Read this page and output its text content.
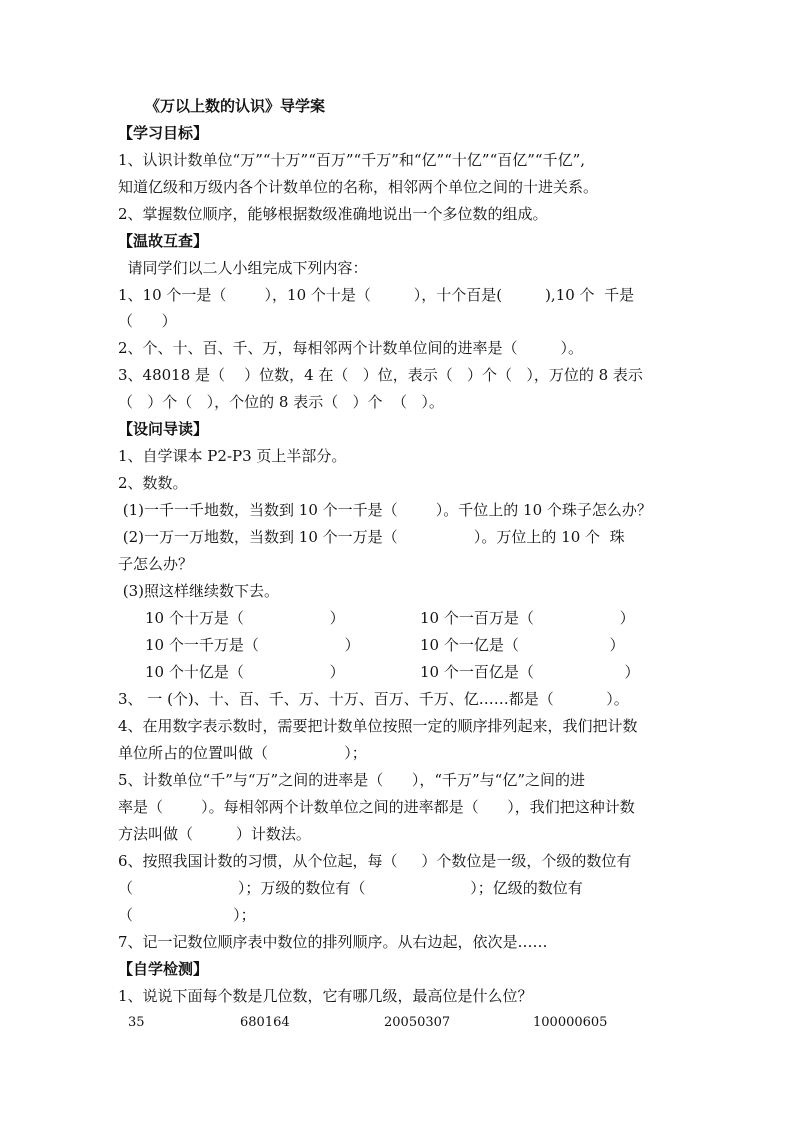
《万以上数的认识》导学案
【学习目标】
1、认识计数单位“万”“十万”“百万”“千万”和“亿”“十亿”“百亿”“千亿”,
知道亿级和万级内各个计数单位的名称，相邻两个单位之间的十进关系。
2、掌握数位顺序，能够根据数级准确地说出一个多位数的组成。
【温故互查】
请同学们以二人小组完成下列内容：
1、10 个一是（        ），10 个十是（         ），十个百是(         ),10 个  千是
（      ）
2、个、十、百、千、万，每相邻两个计数单位间的进率是（         ）。
3、48018 是（    ）位数，4 在（   ）位，表示（   ）个（   ），万位的 8 表示
（   ）个（   ），个位的 8 表示（   ）个  （   ）。
【设问导读】
1、自学课本 P2-P3 页上半部分。
2、数数。
(1)一千一千地数，当数到 10 个一千是（        ）。千位上的 10 个珠子怎么办？
(2)一万一万地数，当数到 10 个一万是（                ）。万位上的 10 个  珠
子怎么办？
(3)照这样继续数下去。
10 个十万是（                  ）	10 个一百万是（                  ）
10 个一千万是（                  ）	10 个一亿是（                   ）
10 个十亿是（                  ）	10 个一百亿是（                   ）
3、 一 (个)、十、百、千、万、十万、百万、千万、亿……都是（           ）。
4、在用数字表示数时，需要把计数单位按照一定的顺序排列起来，我们把计数
单位所占的位置叫做（                ）；
5、计数单位“千”与“万”之间的进率是（      ），“千万”与“亿”之间的进
率是（        ）。每相邻两个计数单位之间的进率都是（      ），我们把这种计数
方法叫做（         ）计数法。
6、按照我国计数的习惯，从个位起，每（     ）个数位是一级，个级的数位有
（                      ）；万级的数位有（                      ）；亿级的数位有
（                     ）；
7、记一记数位顺序表中数位的排列顺序。从右边起，依次是……
【自学检测】
1、说说下面每个数是几位数，它有哪几级，最高位是什么位？

35

	680164

	20050307

	100000605
